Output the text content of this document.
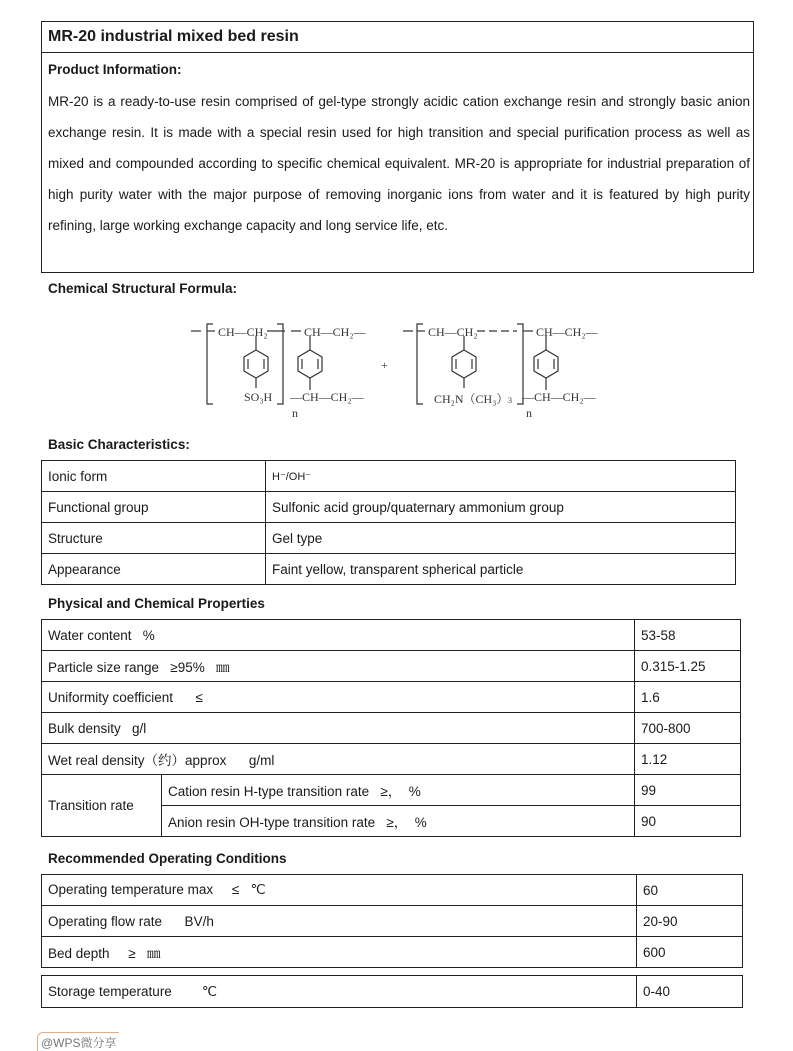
MR-20 industrial mixed bed resin
Product Information:
MR-20 is a ready-to-use resin comprised of gel-type strongly acidic cation exchange resin and strongly basic anion exchange resin. It is made with a special resin used for high transition and special purification process as well as mixed and compounded according to specific chemical equivalent. MR-20 is appropriate for industrial preparation of high purity water with the major purpose of removing inorganic ions from water and it is featured by high purity refining, large working exchange capacity and long service life, etc.
Chemical Structural Formula:
CH—CH₂	CH—CH₂—
SO₃H —CH—CH₂—
n
+
CH—CH₂	CH—CH₂—
CH₂N（CH₃） 3 —CH—CH₂—
n
Basic Characteristics:
Ionic form	H⁻/OH⁻
Functional group	Sulfonic acid group/quaternary ammonium group
Structure	Gel type
Appearance	Faint yellow, transparent spherical particle
Physical and Chemical Properties
Water content   %		53-58
Particle size range   ≥95%   ㎜		0.315-1.25
Uniformity coefficient      ≤		1.6
Bulk density   g/l		700-800
Wet real density（约）approx      g/ml		1.12
Transition rate	Cation resin H-type transition rate   ≥，  %	99
	Anion resin OH-type transition rate   ≥，  %	90
Recommended Operating Conditions
Operating temperature max     ≤   ℃	60
Operating flow rate      BV/h	20-90
Bed depth     ≥   ㎜	600
Storage temperature        ℃	0-40
@WPS微分享
